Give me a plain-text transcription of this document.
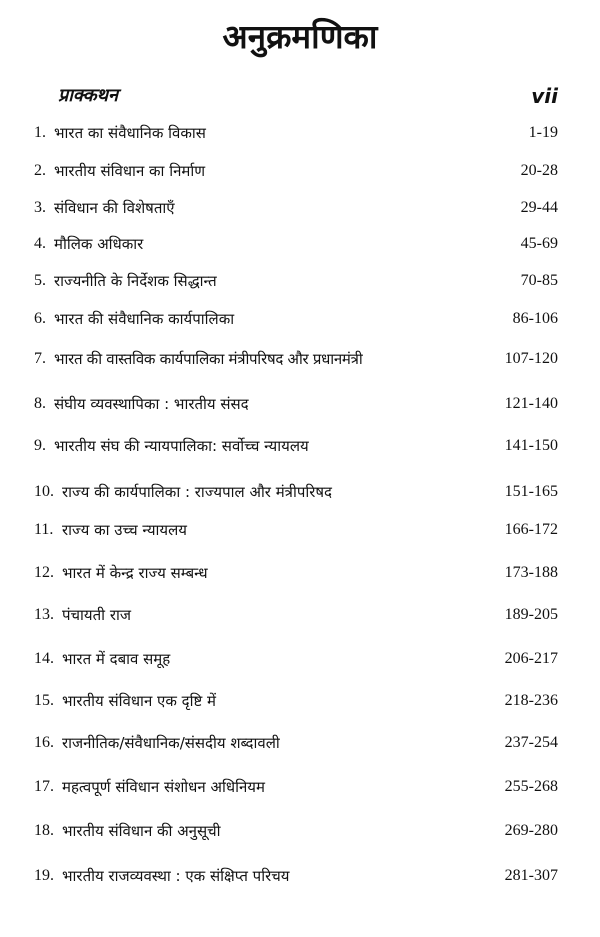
अनुक्रमणिका
प्राक्कथन	vii
1. भारत का संवैधानिक विकास	1-19
2. भारतीय संविधान का निर्माण	20-28
3. संविधान की विशेषताएँ	29-44
4. मौलिक अधिकार	45-69
5. राज्यनीति के निर्देशक सिद्धान्त	70-85
6. भारत की संवैधानिक कार्यपालिका	86-106
7. भारत की वास्तविक कार्यपालिका मंत्रीपरिषद और प्रधानमंत्री	107-120
8. संघीय व्यवस्थापिका : भारतीय संसद	121-140
9. भारतीय संघ की न्यायपालिका: सर्वोच्च न्यायलय	141-150
10. राज्य की कार्यपालिका : राज्यपाल और मंत्रीपरिषद	151-165
11. राज्य का उच्च न्यायलय	166-172
12. भारत में केन्द्र राज्य सम्बन्ध	173-188
13. पंचायती राज	189-205
14. भारत में दबाव समूह	206-217
15. भारतीय संविधान एक दृष्टि में	218-236
16. राजनीतिक/संवैधानिक/संसदीय शब्दावली	237-254
17. महत्वपूर्ण संविधान संशोधन अधिनियम	255-268
18. भारतीय संविधान की अनुसूची	269-280
19. भारतीय राजव्यवस्था : एक संक्षिप्त परिचय	281-307
